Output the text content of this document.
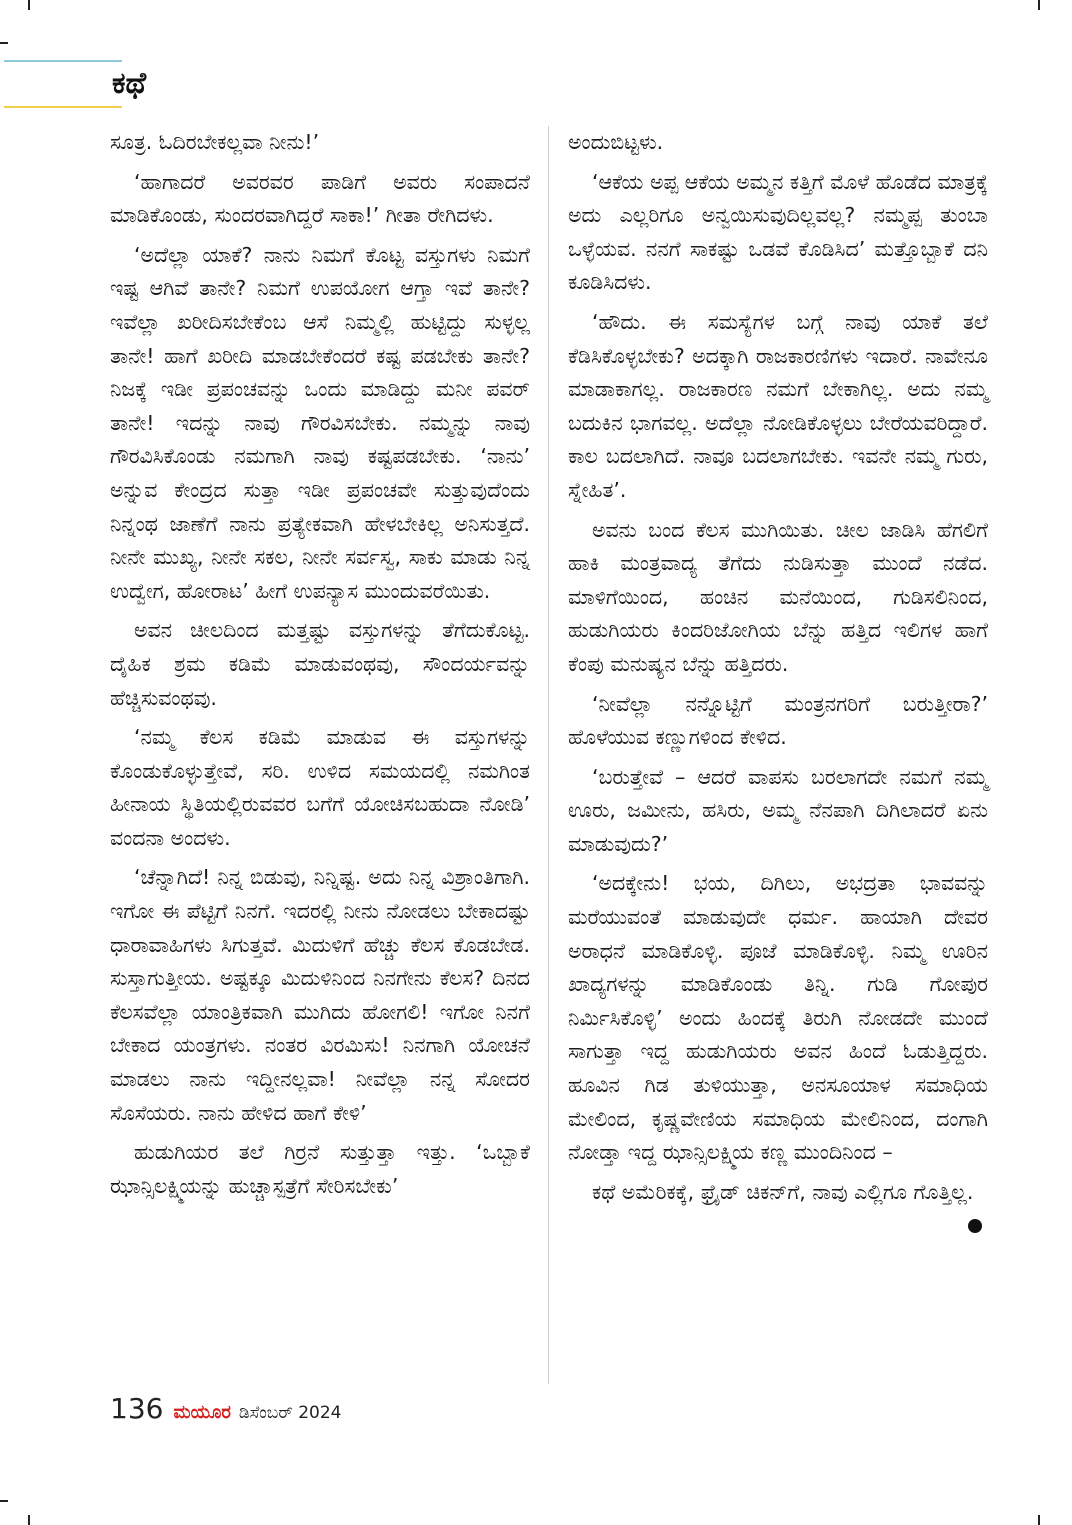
ಕಥೆ

ಸೂತ್ರ. ಓದಿರಬೇಕಲ್ಲವಾ ನೀನು!’

‘ಹಾಗಾದರೆ ಅವರವರ ಪಾಡಿಗೆ ಅವರು ಸಂಪಾದನೆ ಮಾಡಿಕೊಂಡು, ಸುಂದರವಾಗಿದ್ದರೆ ಸಾಕಾ!’ ಗೀತಾ ರೇಗಿದಳು.

‘ಅದೆಲ್ಲಾ ಯಾಕೆ? ನಾನು ನಿಮಗೆ ಕೊಟ್ಟ ವಸ್ತುಗಳು ನಿಮಗೆ ಇಷ್ಟ ಆಗಿವೆ ತಾನೇ? ನಿಮಗೆ ಉಪಯೋಗ ಆಗ್ತಾ ಇವೆ ತಾನೇ? ಇವೆಲ್ಲಾ ಖರೀದಿಸಬೇಕೆಂಬ ಆಸೆ ನಿಮ್ಮಲ್ಲಿ ಹುಟ್ಟಿದ್ದು ಸುಳ್ಳಲ್ಲ ತಾನೇ! ಹಾಗೆ ಖರೀದಿ ಮಾಡಬೇಕೆಂದರೆ ಕಷ್ಟ ಪಡಬೇಕು ತಾನೇ? ನಿಜಕ್ಕೆ ಇಡೀ ಪ್ರಪಂಚವನ್ನು ಒಂದು ಮಾಡಿದ್ದು ಮನೀ ಪವರ್ ತಾನೇ! ಇದನ್ನು ನಾವು ಗೌರವಿಸಬೇಕು. ನಮ್ಮನ್ನು ನಾವು ಗೌರವಿಸಿಕೊಂಡು ನಮಗಾಗಿ ನಾವು ಕಷ್ಟಪಡಬೇಕು. ‘ನಾನು’ ಅನ್ನುವ ಕೇಂದ್ರದ ಸುತ್ತಾ ಇಡೀ ಪ್ರಪಂಚವೇ ಸುತ್ತುವುದೆಂದು ನಿನ್ನಂಥ ಜಾಣೆಗೆ ನಾನು ಪ್ರತ್ಯೇಕವಾಗಿ ಹೇಳಬೇಕಿಲ್ಲ ಅನಿಸುತ್ತದೆ. ನೀನೇ ಮುಖ್ಯ, ನೀನೇ ಸಕಲ, ನೀನೇ ಸರ್ವಸ್ವ, ಸಾಕು ಮಾಡು ನಿನ್ನ ಉದ್ವೇಗ, ಹೋರಾಟ’ ಹೀಗೆ ಉಪನ್ಯಾಸ ಮುಂದುವರೆಯಿತು.

ಅವನ ಚೀಲದಿಂದ ಮತ್ತಷ್ಟು ವಸ್ತುಗಳನ್ನು ತೆಗೆದುಕೊಟ್ಟ. ದೈಹಿಕ ಶ್ರಮ ಕಡಿಮೆ ಮಾಡುವಂಥವು, ಸೌಂದರ್ಯವನ್ನು ಹೆಚ್ಚಿಸುವಂಥವು.

‘ನಮ್ಮ ಕೆಲಸ ಕಡಿಮೆ ಮಾಡುವ ಈ ವಸ್ತುಗಳನ್ನು ಕೊಂಡುಕೊಳ್ಳುತ್ತೇವೆ, ಸರಿ. ಉಳಿದ ಸಮಯದಲ್ಲಿ ನಮಗಿಂತ ಹೀನಾಯ ಸ್ಥಿತಿಯಲ್ಲಿರುವವರ ಬಗೆಗೆ ಯೋಚಿಸಬಹುದಾ ನೋಡಿ’ ವಂದನಾ ಅಂದಳು.

‘ಚೆನ್ನಾಗಿದೆ! ನಿನ್ನ ಬಿಡುವು, ನಿನ್ನಿಷ್ಟ. ಅದು ನಿನ್ನ ವಿಶ್ರಾಂತಿಗಾಗಿ. ಇಗೋ ಈ ಪೆಟ್ಟಿಗೆ ನಿನಗೆ. ಇದರಲ್ಲಿ ನೀನು ನೋಡಲು ಬೇಕಾದಷ್ಟು ಧಾರಾವಾಹಿಗಳು ಸಿಗುತ್ತವೆ. ಮಿದುಳಿಗೆ ಹೆಚ್ಚು ಕೆಲಸ ಕೊಡಬೇಡ. ಸುಸ್ತಾಗುತ್ತೀಯ. ಅಷ್ಟಕ್ಕೂ ಮಿದುಳಿನಿಂದ ನಿನಗೇನು ಕೆಲಸ? ದಿನದ ಕೆಲಸವೆಲ್ಲಾ ಯಾಂತ್ರಿಕವಾಗಿ ಮುಗಿದು ಹೋಗಲಿ! ಇಗೋ ನಿನಗೆ ಬೇಕಾದ ಯಂತ್ರಗಳು. ನಂತರ ವಿರಮಿಸು! ನಿನಗಾಗಿ ಯೋಚನೆ ಮಾಡಲು ನಾನು ಇದ್ದೀನಲ್ಲವಾ! ನೀವೆಲ್ಲಾ ನನ್ನ ಸೋದರ ಸೊಸೆಯರು. ನಾನು ಹೇಳಿದ ಹಾಗೆ ಕೇಳಿ’

ಹುಡುಗಿಯರ ತಲೆ ಗಿರ್ರನೆ ಸುತ್ತುತ್ತಾ ಇತ್ತು. ‘ಒಬ್ಬಾಕೆ ಝಾನ್ಸಿಲಕ್ಷ್ಮಿಯನ್ನು ಹುಚ್ಚಾಸ್ಪತ್ರೆಗೆ ಸೇರಿಸಬೇಕು’

ಅಂದುಬಿಟ್ಟಳು.

‘ಆಕೆಯ ಅಪ್ಪ ಆಕೆಯ ಅಮ್ಮನ ಕತ್ತಿಗೆ ಮೊಳೆ ಹೊಡೆದ ಮಾತ್ರಕ್ಕೆ ಅದು ಎಲ್ಲರಿಗೂ ಅನ್ವಯಿಸುವುದಿಲ್ಲವಲ್ಲ? ನಮ್ಮಪ್ಪ ತುಂಬಾ ಒಳ್ಳೆಯವ. ನನಗೆ ಸಾಕಷ್ಟು ಒಡವೆ ಕೊಡಿಸಿದ’ ಮತ್ತೊಬ್ಬಾಕೆ ದನಿ ಕೂಡಿಸಿದಳು.

‘ಹೌದು. ಈ ಸಮಸ್ಯೆಗಳ ಬಗ್ಗೆ ನಾವು ಯಾಕೆ ತಲೆ ಕೆಡಿಸಿಕೊಳ್ಳಬೇಕು? ಅದಕ್ಕಾಗಿ ರಾಜಕಾರಣಿಗಳು ಇದಾರೆ. ನಾವೇನೂ ಮಾಡಾಕಾಗಲ್ಲ. ರಾಜಕಾರಣ ನಮಗೆ ಬೇಕಾಗಿಲ್ಲ. ಅದು ನಮ್ಮ ಬದುಕಿನ ಭಾಗವಲ್ಲ. ಅದೆಲ್ಲಾ ನೋಡಿಕೊಳ್ಳಲು ಬೇರೆಯವರಿದ್ದಾರೆ. ಕಾಲ ಬದಲಾಗಿದೆ. ನಾವೂ ಬದಲಾಗಬೇಕು. ಇವನೇ ನಮ್ಮ ಗುರು, ಸ್ನೇಹಿತ’.

ಅವನು ಬಂದ ಕೆಲಸ ಮುಗಿಯಿತು. ಚೀಲ ಜಾಡಿಸಿ ಹೆಗಲಿಗೆ ಹಾಕಿ ಮಂತ್ರವಾದ್ಯ ತೆಗೆದು ನುಡಿಸುತ್ತಾ ಮುಂದೆ ನಡೆದ. ಮಾಳಿಗೆಯಿಂದ, ಹಂಚಿನ ಮನೆಯಿಂದ, ಗುಡಿಸಲಿನಿಂದ, ಹುಡುಗಿಯರು ಕಿಂದರಿಜೋಗಿಯ ಬೆನ್ನು ಹತ್ತಿದ ಇಲಿಗಳ ಹಾಗೆ ಕೆಂಪು ಮನುಷ್ಯನ ಬೆನ್ನು ಹತ್ತಿದರು.

‘ನೀವೆಲ್ಲಾ ನನ್ನೊಟ್ಟಿಗೆ ಮಂತ್ರನಗರಿಗೆ ಬರುತ್ತೀರಾ?’ ಹೊಳೆಯುವ ಕಣ್ಣುಗಳಿಂದ ಕೇಳಿದ.

‘ಬರುತ್ತೇವೆ – ಆದರೆ ವಾಪಸು ಬರಲಾಗದೇ ನಮಗೆ ನಮ್ಮ ಊರು, ಜಮೀನು, ಹಸಿರು, ಅಮ್ಮ ನೆನಪಾಗಿ ದಿಗಿಲಾದರೆ ಏನು ಮಾಡುವುದು?’

‘ಅದಕ್ಕೇನು! ಭಯ, ದಿಗಿಲು, ಅಭದ್ರತಾ ಭಾವವನ್ನು ಮರೆಯುವಂತೆ ಮಾಡುವುದೇ ಧರ್ಮ. ಹಾಯಾಗಿ ದೇವರ ಅರಾಧನೆ ಮಾಡಿಕೊಳ್ಳಿ. ಪೂಜೆ ಮಾಡಿಕೊಳ್ಳಿ. ನಿಮ್ಮ ಊರಿನ ಖಾದ್ಯಗಳನ್ನು ಮಾಡಿಕೊಂಡು ತಿನ್ನಿ. ಗುಡಿ ಗೋಪುರ ನಿರ್ಮಿಸಿಕೊಳ್ಳಿ’ ಅಂದು ಹಿಂದಕ್ಕೆ ತಿರುಗಿ ನೋಡದೇ ಮುಂದೆ ಸಾಗುತ್ತಾ ಇದ್ದ ಹುಡುಗಿಯರು ಅವನ ಹಿಂದೆ ಓಡುತ್ತಿದ್ದರು. ಹೂವಿನ ಗಿಡ ತುಳಿಯುತ್ತಾ, ಅನಸೂಯಾಳ ಸಮಾಧಿಯ ಮೇಲಿಂದ, ಕೃಷ್ಣವೇಣಿಯ ಸಮಾಧಿಯ ಮೇಲಿನಿಂದ, ದಂಗಾಗಿ ನೋಡ್ತಾ ಇದ್ದ ಝಾನ್ಸಿಲಕ್ಷ್ಮಿಯ ಕಣ್ಣ ಮುಂದಿನಿಂದ –

ಕಥೆ ಅಮೆರಿಕಕ್ಕೆ, ಫ್ರೈಡ್ ಚಿಕನ್‌ಗೆ, ನಾವು ಎಲ್ಲಿಗೂ ಗೊತ್ತಿಲ್ಲ.

136 ಮಯೂರ ಡಿಸೆಂಬರ್ 2024
